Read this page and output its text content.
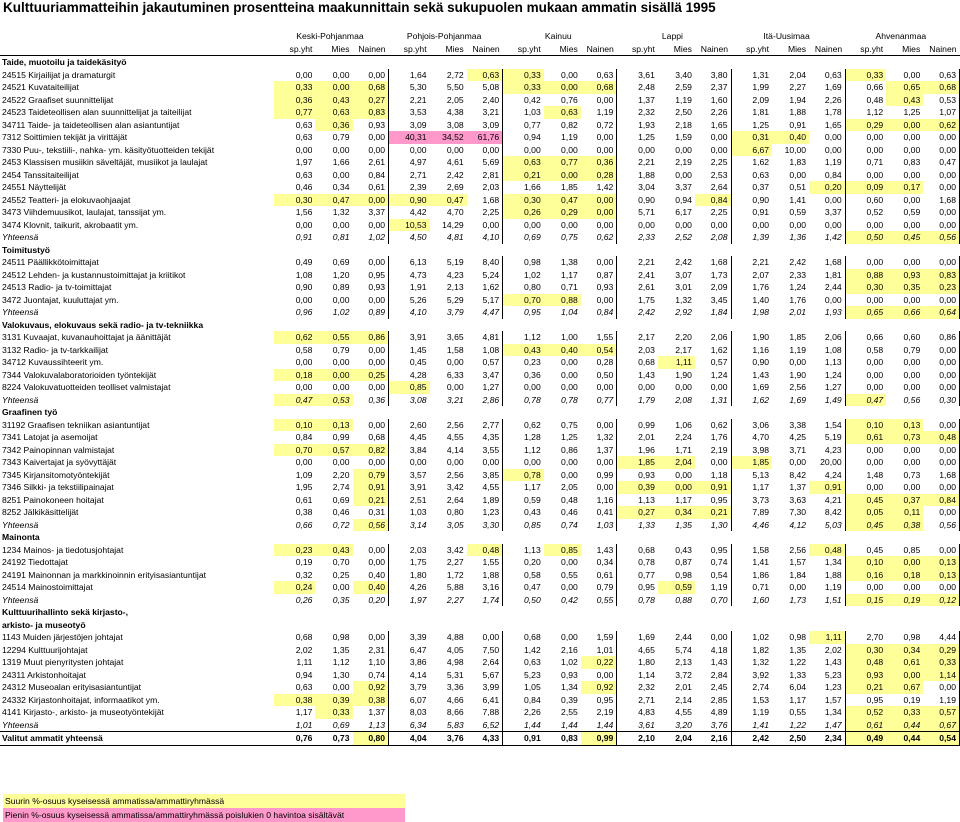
Kulttuuriammatteihin jakautuminen prosentteina maakunnittain sekä sukupuolen mukaan ammatin sisällä 1995
	Keski-Pohjanmaa			Pohjois-Pohjanmaa			Kainuu			Lappi			Itä-Uusimaa			Ahvenanmaa		
	sp.yht	Mies	Nainen	sp.yht	Mies	Nainen	sp.yht	Mies	Nainen	sp.yht	Mies	Nainen	sp.yht	Mies	Nainen	sp.yht	Mies	Nainen
Taide, muotoilu ja taidekäsityö																		
24515 Kirjailijat ja dramaturgit	0,00	0,00	0,00	1,64	2,72	0,63	0,33	0,00	0,63	3,61	3,40	3,80	1,31	2,04	0,63	0,33	0,00	0,63
24521 Kuvataiteilijat	0,33	0,00	0,68	5,30	5,50	5,08	0,33	0,00	0,68	2,48	2,59	2,37	1,99	2,27	1,69	0,66	0,65	0,68
24522 Graafiset suunnittelijat	0,36	0,43	0,27	2,21	2,05	2,40	0,42	0,76	0,00	1,37	1,19	1,60	2,09	1,94	2,26	0,48	0,43	0,53
24523 Taideteollisen alan suunnittelijat ja taiteilijat	0,77	0,63	0,83	3,53	4,38	3,21	1,03	0,63	1,19	2,32	2,50	2,26	1,81	1,88	1,78	1,12	1,25	1,07
34711 Taide- ja taideteollisen alan asiantuntijat	0,63	0,36	0,93	3,09	3,08	3,09	0,77	0,82	0,72	1,93	2,18	1,65	1,25	0,91	1,65	0,29	0,00	0,62
7312 Soittimien tekijät ja virittäjät	0,63	0,79	0,00	40,31	34,52	61,76	0,94	1,19	0,00	1,25	1,59	0,00	0,31	0,40	0,00	0,00	0,00	0,00
7330 Puu-, tekstiili-, nahka- ym. käsityötuotteiden tekijät	0,00	0,00	0,00	0,00	0,00	0,00	0,00	0,00	0,00	0,00	0,00	0,00	6,67	10,00	0,00	0,00	0,00	0,00
2453 Klassisen musiikin säveltäjät, musiikot ja laulajat	1,97	1,66	2,61	4,97	4,61	5,69	0,63	0,77	0,36	2,21	2,19	2,25	1,62	1,83	1,19	0,71	0,83	0,47
2454 Tanssitaiteilijat	0,63	0,00	0,84	2,71	2,42	2,81	0,21	0,00	0,28	1,88	0,00	2,53	0,63	0,00	0,84	0,00	0,00	0,00
24551 Näyttelijät	0,46	0,34	0,61	2,39	2,69	2,03	1,66	1,85	1,42	3,04	3,37	2,64	0,37	0,51	0,20	0,09	0,17	0,00
24552 Teatteri- ja elokuvaohjaajat	0,30	0,47	0,00	0,90	0,47	1,68	0,30	0,47	0,00	0,90	0,94	0,84	0,90	1,41	0,00	0,60	0,00	1,68
3473 Viihdemuusikot, laulajat, tanssijat ym.	1,56	1,32	3,37	4,42	4,70	2,25	0,26	0,29	0,00	5,71	6,17	2,25	0,91	0,59	3,37	0,52	0,59	0,00
3474 Klovnit, taikurit, akrobaatit ym.	0,00	0,00	0,00	10,53	14,29	0,00	0,00	0,00	0,00	0,00	0,00	0,00	0,00	0,00	0,00	0,00	0,00	0,00
Yhteensä	0,91	0,81	1,02	4,50	4,81	4,10	0,69	0,75	0,62	2,33	2,52	2,08	1,39	1,36	1,42	0,50	0,45	0,56
Toimitustyö																		
24511 Päällikkötoimittajat	0,49	0,69	0,00	6,13	5,19	8,40	0,98	1,38	0,00	2,21	2,42	1,68	2,21	2,42	1,68	0,00	0,00	0,00
24512 Lehden- ja kustannustoimittajat ja kriitikot	1,08	1,20	0,95	4,73	4,23	5,24	1,02	1,17	0,87	2,41	3,07	1,73	2,07	2,33	1,81	0,88	0,93	0,83
24513 Radio- ja tv-toimittajat	0,90	0,89	0,93	1,91	2,13	1,62	0,80	0,71	0,93	2,61	3,01	2,09	1,76	1,24	2,44	0,30	0,35	0,23
3472 Juontajat, kuuluttajat ym.	0,00	0,00	0,00	5,26	5,29	5,17	0,70	0,88	0,00	1,75	1,32	3,45	1,40	1,76	0,00	0,00	0,00	0,00
Yhteensä	0,96	1,02	0,89	4,10	3,79	4,47	0,95	1,04	0,84	2,42	2,92	1,84	1,98	2,01	1,93	0,65	0,66	0,64
Valokuvaus, elokuvaus sekä radio- ja tv-tekniikka																		
3131 Kuvaajat, kuvanauhoittajat ja äänittäjät	0,62	0,55	0,86	3,91	3,65	4,81	1,12	1,00	1,55	2,17	2,20	2,06	1,90	1,85	2,06	0,66	0,60	0,86
3132 Radio- ja tv-tarkkailijat	0,58	0,79	0,00	1,45	1,58	1,08	0,43	0,40	0,54	2,03	2,17	1,62	1,16	1,19	1,08	0,58	0,79	0,00
34712 Kuvaussihteerit ym.	0,00	0,00	0,00	0,45	0,00	0,57	0,23	0,00	0,28	0,68	1,11	0,57	0,90	0,00	1,13	0,00	0,00	0,00
7344 Valokuvalaboratorioiden työntekijät	0,18	0,00	0,25	4,28	6,33	3,47	0,36	0,00	0,50	1,43	1,90	1,24	1,43	1,90	1,24	0,00	0,00	0,00
8224 Valokuvatuotteiden teolliset valmistajat	0,00	0,00	0,00	0,85	0,00	1,27	0,00	0,00	0,00	0,00	0,00	0,00	1,69	2,56	1,27	0,00	0,00	0,00
Yhteensä	0,47	0,53	0,36	3,08	3,21	2,86	0,78	0,78	0,77	1,79	2,08	1,31	1,62	1,69	1,49	0,47	0,56	0,30
Graafinen työ																		
31192 Graafisen tekniikan asiantuntijat	0,10	0,13	0,00	2,60	2,56	2,77	0,62	0,75	0,00	0,99	1,06	0,62	3,06	3,38	1,54	0,10	0,13	0,00
7341 Latojat ja asemoijat	0,84	0,99	0,68	4,45	4,55	4,35	1,28	1,25	1,32	2,01	2,24	1,76	4,70	4,25	5,19	0,61	0,73	0,48
7342 Painopinnan valmistajat	0,70	0,57	0,82	3,84	4,14	3,55	1,12	0,86	1,37	1,96	1,71	2,19	3,98	3,71	4,23	0,00	0,00	0,00
7343 Kaivertajat ja syövyttäjät	0,00	0,00	0,00	0,00	0,00	0,00	0,00	0,00	0,00	1,85	2,04	0,00	1,85	0,00	20,00	0,00	0,00	0,00
7345 Kirjansitomotyöntekijät	1,09	2,20	0,79	3,57	2,56	3,85	0,78	0,00	0,99	0,93	0,00	1,18	5,13	8,42	4,24	1,48	0,73	1,68
7346 Silkki- ja tekstiilipainajat	1,95	2,74	0,91	3,91	3,42	4,55	1,17	2,05	0,00	0,39	0,00	0,91	1,17	1,37	0,91	0,00	0,00	0,00
8251 Painokoneen hoitajat	0,61	0,69	0,21	2,51	2,64	1,89	0,59	0,48	1,16	1,13	1,17	0,95	3,73	3,63	4,21	0,45	0,37	0,84
8252 Jälkikäsittelijät	0,38	0,46	0,31	1,03	0,80	1,23	0,43	0,46	0,41	0,27	0,34	0,21	7,89	7,30	8,42	0,05	0,11	0,00
Yhteensä	0,66	0,72	0,56	3,14	3,05	3,30	0,85	0,74	1,03	1,33	1,35	1,30	4,46	4,12	5,03	0,45	0,38	0,56
Mainonta																		
1234 Mainos- ja tiedotusjohtajat	0,23	0,43	0,00	2,03	3,42	0,48	1,13	0,85	1,43	0,68	0,43	0,95	1,58	2,56	0,48	0,45	0,85	0,00
24192 Tiedottajat	0,19	0,70	0,00	1,75	2,27	1,55	0,20	0,00	0,34	0,78	0,87	0,74	1,41	1,57	1,34	0,10	0,00	0,13
24191 Mainonnan ja markkinoinnin erityisasiantuntijat	0,32	0,25	0,40	1,80	1,72	1,88	0,58	0,55	0,61	0,77	0,98	0,54	1,86	1,84	1,88	0,16	0,18	0,13
24514 Mainostoimittajat	0,24	0,00	0,40	4,26	5,88	3,16	0,47	0,00	0,79	0,95	0,59	1,19	0,71	0,00	1,19	0,00	0,00	0,00
Yhteensä	0,26	0,35	0,20	1,97	2,27	1,74	0,50	0,42	0,55	0,78	0,88	0,70	1,60	1,73	1,51	0,15	0,19	0,12
Kulttuurihallinto sekä kirjasto-,																		
arkisto- ja museotyö																		
1143 Muiden järjestöjen johtajat	0,68	0,98	0,00	3,39	4,88	0,00	0,68	0,00	1,59	1,69	2,44	0,00	1,02	0,98	1,11	2,70	0,98	4,44
12294 Kulttuurijohtajat	2,02	1,35	2,31	6,47	4,05	7,50	1,42	2,16	1,01	4,65	5,74	4,18	1,82	1,35	2,02	0,30	0,34	0,29
1319 Muut pienyritysten johtajat	1,11	1,12	1,10	3,86	4,98	2,64	0,63	1,02	0,22	1,80	2,13	1,43	1,32	1,22	1,43	0,48	0,61	0,33
24311 Arkistonhoitajat	0,94	1,30	0,74	4,14	5,31	5,67	5,23	0,93	0,00	1,14	3,72	2,84	3,92	1,33	5,23	0,93	0,00	1,14
24312 Museoalan erityisasiantuntijat	0,63	0,00	0,92	3,79	3,36	3,99	1,05	1,34	0,92	2,32	2,01	2,45	2,74	6,04	1,23	0,21	0,67	0,00
24332 Kirjastonhoitajat, informaatikot ym.	0,38	0,39	0,38	6,07	4,66	6,41	0,84	0,39	0,95	2,71	2,14	2,85	1,53	1,17	1,57	0,95	0,19	1,19
4141 Kirjasto-, arkisto- ja museotyöntekijät	1,17	0,33	1,37	8,03	8,66	7,88	2,26	2,55	2,19	4,83	4,55	4,89	1,19	0,55	1,34	0,52	0,33	0,57
Yhteensä	1,01	0,69	1,13	6,34	5,83	6,52	1,44	1,44	1,44	3,61	3,20	3,76	1,41	1,22	1,47	0,61	0,44	0,67
Valitut ammatit yhteensä	0,76	0,73	0,80	4,04	3,76	4,33	0,91	0,83	0,99	2,10	2,04	2,16	2,42	2,50	2,34	0,49	0,44	0,54
Suurin %-osuus kyseisessä ammatissa/ammattiryhmässä
Pienin %-osuus kyseisessä ammatissa/ammattiryhmässä poislukien 0 havintoa sisältävät
